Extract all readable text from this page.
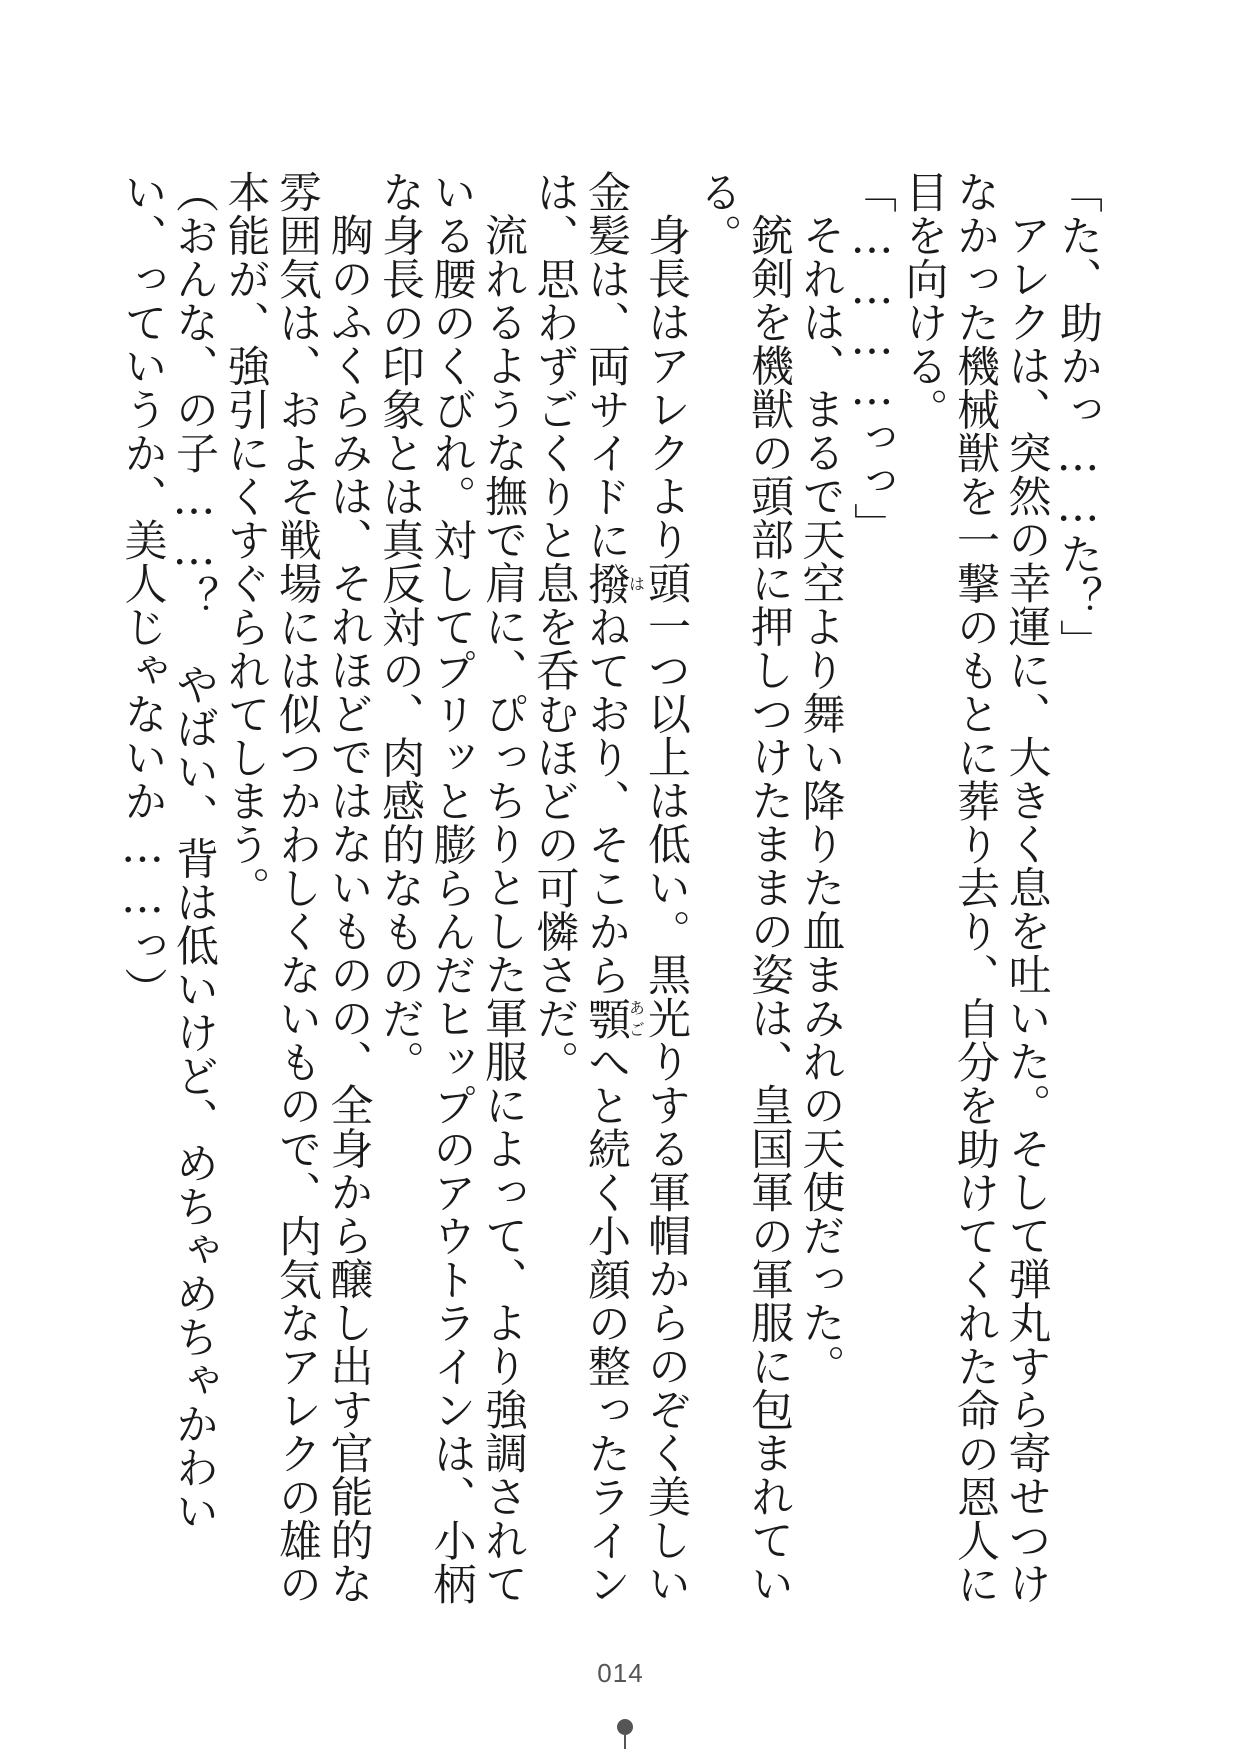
「た、助かっ……た？」

アレクは、突然の幸運に、大きく息を吐いた。そして弾丸すら寄せつけなかった機械獣を一撃のもとに葬り去り、自分を助けてくれた命の恩人に目を向ける。

「…………っっ」

それは、まるで天空より舞い降りた血まみれの天使だった。

銃剣を機獣の頭部に押しつけたままの姿は、皇国軍の軍服に包まれている。

身長はアレクより頭一つ以上は低い。黒光りする軍帽からのぞく美しい金髪は、両サイドに撥はねており、そこから顎あごへと続く小顔の整ったラインは、思わずごくりと息を呑むほどの可憐さだ。

流れるような撫で肩に、ぴっちりとした軍服によって、より強調されている腰のくびれ。対してプリッと膨らんだヒップのアウトラインは、小柄な身長の印象とは真反対の、肉感的なものだ。

胸のふくらみは、それほどではないものの、全身から醸し出す官能的な雰囲気は、およそ戦場には似つかわしくないもので、内気なアレクの雄の本能が、強引にくすぐられてしまう。

（おんな、の子……？　やばい、背は低いけど、めちゃめちゃかわいい、っていうか、美人じゃないか……っ）

014
